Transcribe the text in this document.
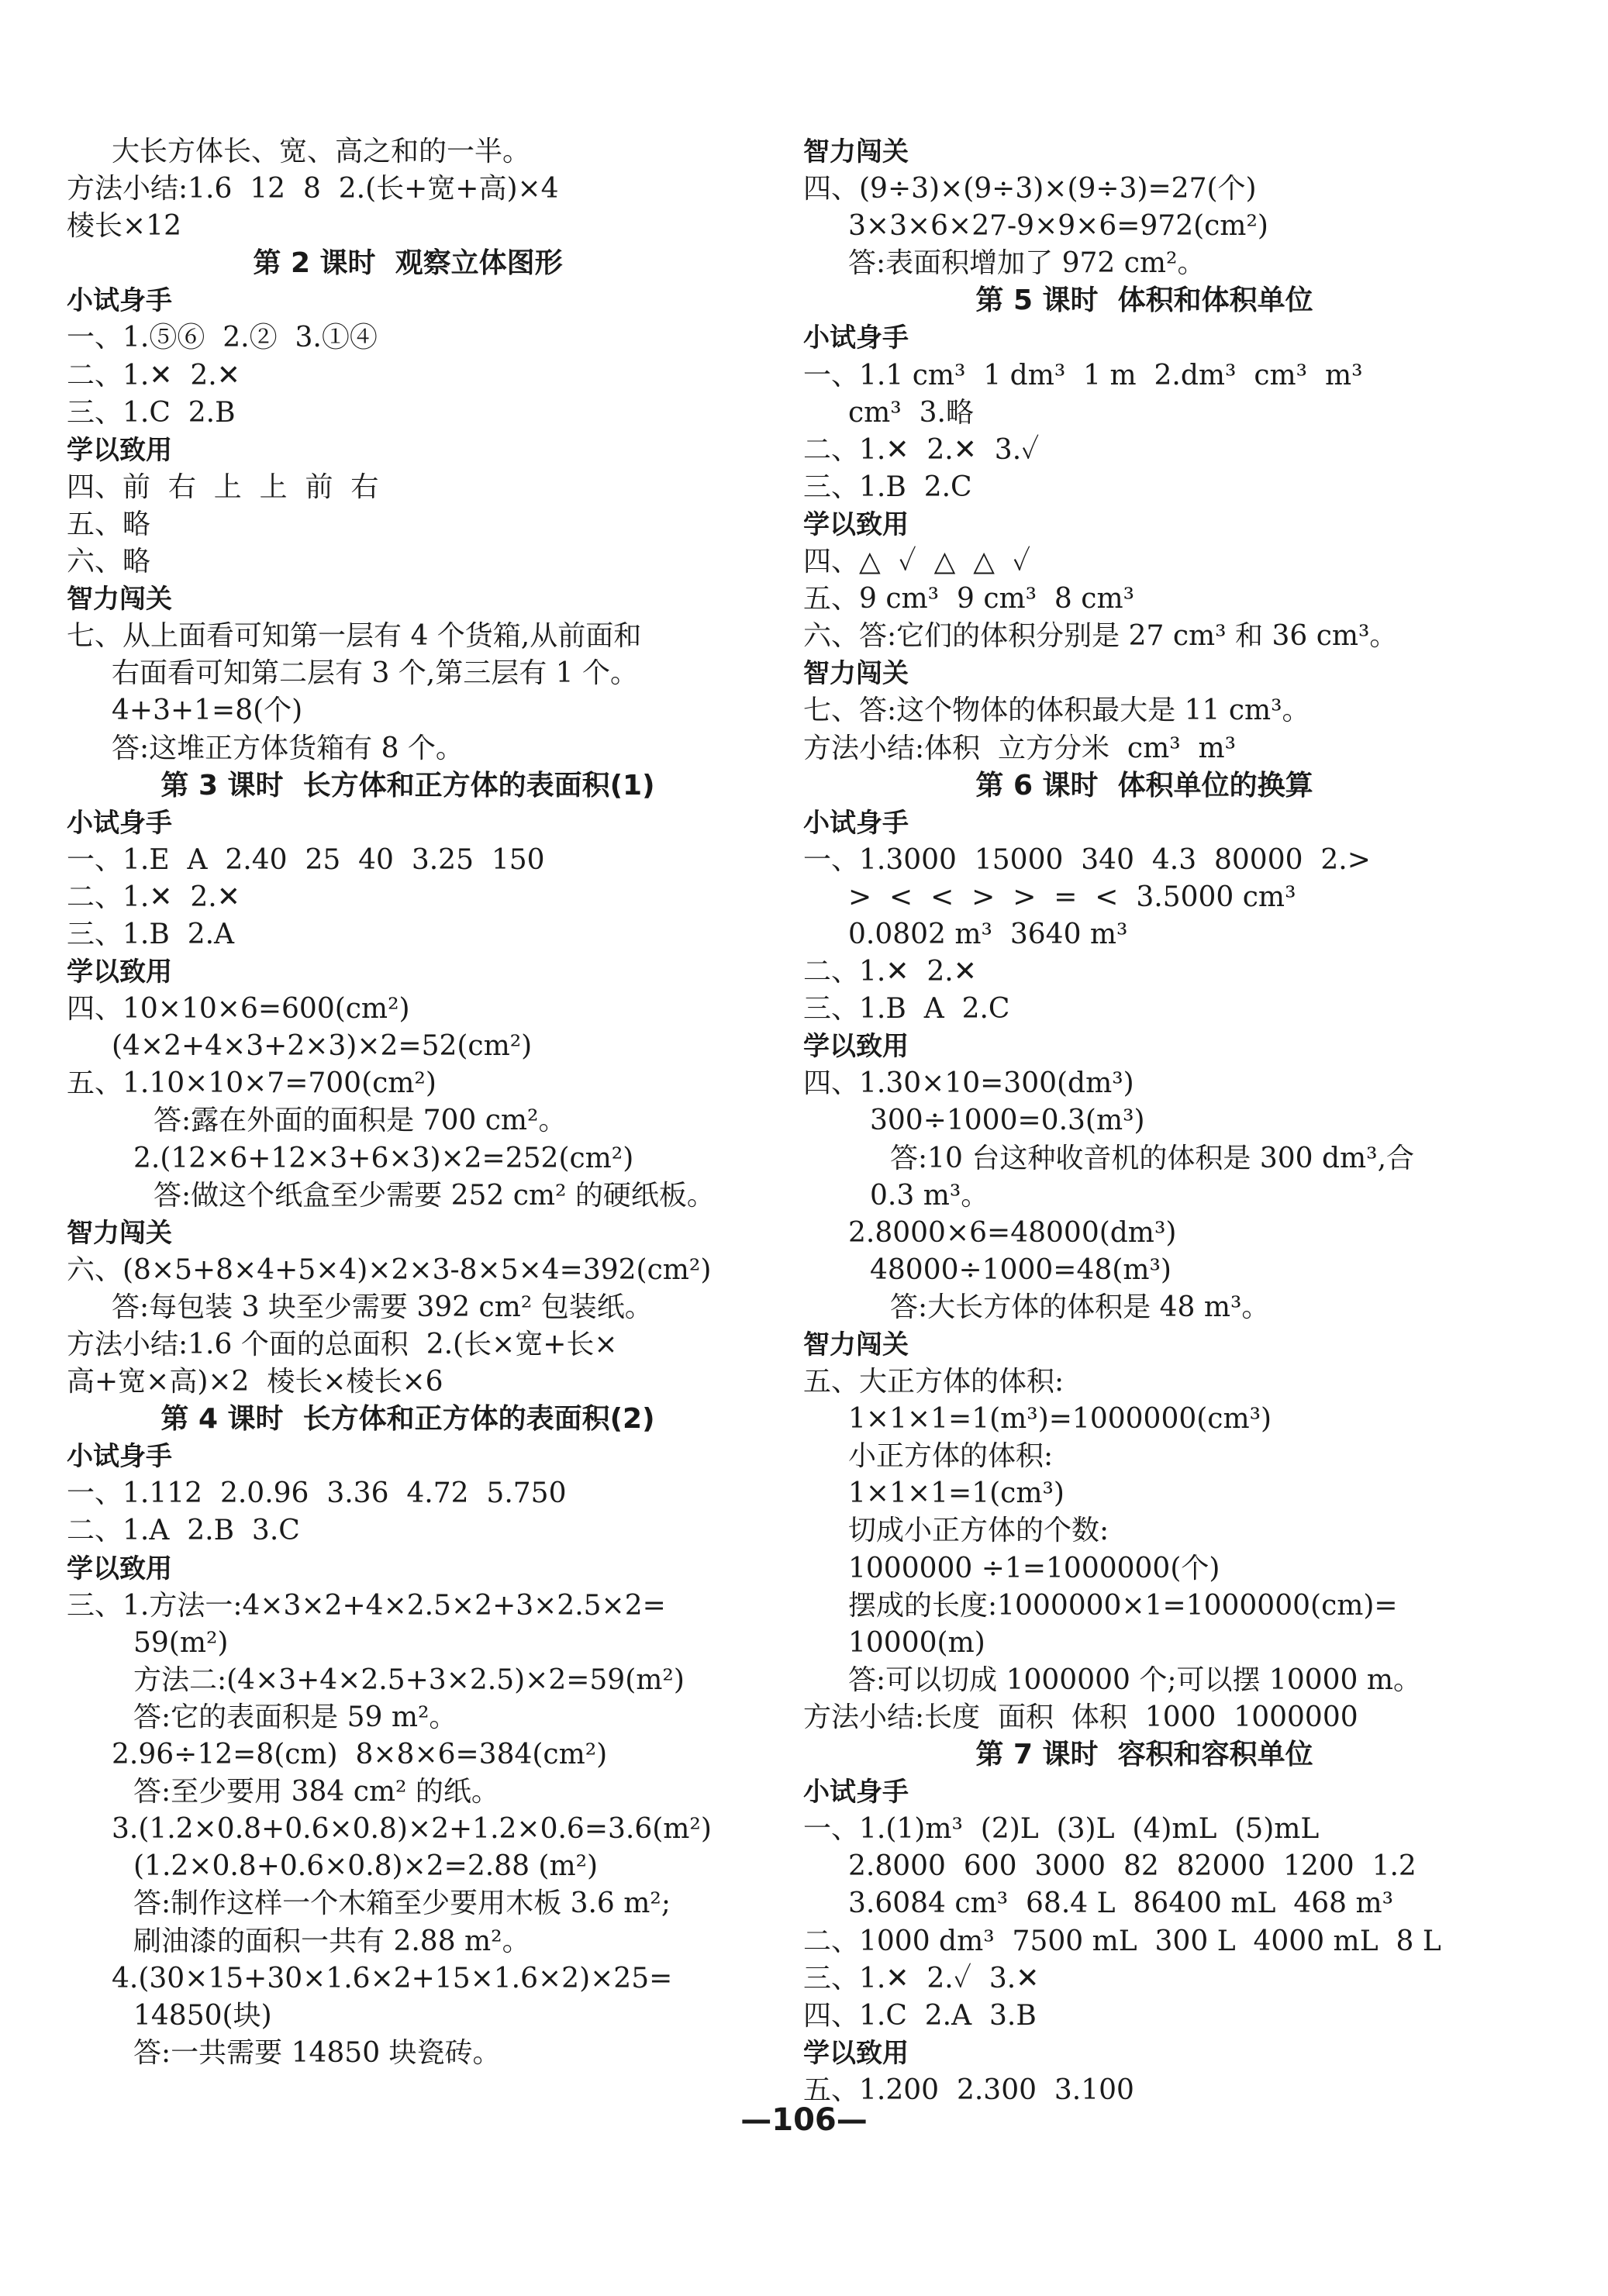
大长方体长、宽、高之和的一半。
方法小结:1.6  12  8  2.(长+宽+高)×4
棱长×12
第 2 课时  观察立体图形
小试身手
一、1.⑤⑥  2.②  3.①④
二、1.✕  2.✕
三、1.C  2.B
学以致用
四、前  右  上  上  前  右
五、略
六、略
智力闯关
七、从上面看可知第一层有 4 个货箱,从前面和
右面看可知第二层有 3 个,第三层有 1 个。
4+3+1=8(个)
答:这堆正方体货箱有 8 个。
第 3 课时  长方体和正方体的表面积(1)
小试身手
一、1.E  A  2.40  25  40  3.25  150
二、1.✕  2.✕
三、1.B  2.A
学以致用
四、10×10×6=600(cm²)
(4×2+4×3+2×3)×2=52(cm²)
五、1.10×10×7=700(cm²)
答:露在外面的面积是 700 cm²。
2.(12×6+12×3+6×3)×2=252(cm²)
答:做这个纸盒至少需要 252 cm² 的硬纸板。
智力闯关
六、(8×5+8×4+5×4)×2×3-8×5×4=392(cm²)
答:每包装 3 块至少需要 392 cm² 包装纸。
方法小结:1.6 个面的总面积  2.(长×宽+长×
高+宽×高)×2  棱长×棱长×6
第 4 课时  长方体和正方体的表面积(2)
小试身手
一、1.112  2.0.96  3.36  4.72  5.750
二、1.A  2.B  3.C
学以致用
三、1.方法一:4×3×2+4×2.5×2+3×2.5×2=
59(m²)
方法二:(4×3+4×2.5+3×2.5)×2=59(m²)
答:它的表面积是 59 m²。
2.96÷12=8(cm)  8×8×6=384(cm²)
答:至少要用 384 cm² 的纸。
3.(1.2×0.8+0.6×0.8)×2+1.2×0.6=3.6(m²)
(1.2×0.8+0.6×0.8)×2=2.88 (m²)
答:制作这样一个木箱至少要用木板 3.6 m²;
刷油漆的面积一共有 2.88 m²。
4.(30×15+30×1.6×2+15×1.6×2)×25=
14850(块)
答:一共需要 14850 块瓷砖。
智力闯关
四、(9÷3)×(9÷3)×(9÷3)=27(个)
3×3×6×27-9×9×6=972(cm²)
答:表面积增加了 972 cm²。
第 5 课时  体积和体积单位
小试身手
一、1.1 cm³  1 dm³  1 m  2.dm³  cm³  m³
cm³  3.略
二、1.✕  2.✕  3.✓
三、1.B  2.C
学以致用
四、△  ✓  △  △  ✓
五、9 cm³  9 cm³  8 cm³
六、答:它们的体积分别是 27 cm³ 和 36 cm³。
智力闯关
七、答:这个物体的体积最大是 11 cm³。
方法小结:体积  立方分米  cm³  m³
第 6 课时  体积单位的换算
小试身手
一、1.3000  15000  340  4.3  80000  2.>
>  <  <  >  >  =  <  3.5000 cm³
0.0802 m³  3640 m³
二、1.✕  2.✕
三、1.B  A  2.C
学以致用
四、1.30×10=300(dm³)
300÷1000=0.3(m³)
答:10 台这种收音机的体积是 300 dm³,合
0.3 m³。
2.8000×6=48000(dm³)
48000÷1000=48(m³)
答:大长方体的体积是 48 m³。
智力闯关
五、大正方体的体积:
1×1×1=1(m³)=1000000(cm³)
小正方体的体积:
1×1×1=1(cm³)
切成小正方体的个数:
1000000 ÷1=1000000(个)
摆成的长度:1000000×1=1000000(cm)=
10000(m)
答:可以切成 1000000 个;可以摆 10000 m。
方法小结:长度  面积  体积  1000  1000000
第 7 课时  容积和容积单位
小试身手
一、1.(1)m³  (2)L  (3)L  (4)mL  (5)mL
2.8000  600  3000  82  82000  1200  1.2
3.6084 cm³  68.4 L  86400 mL  468 m³
二、1000 dm³  7500 mL  300 L  4000 mL  8 L
三、1.✕  2.✓  3.✕
四、1.C  2.A  3.B
学以致用
五、1.200  2.300  3.100
—106—
